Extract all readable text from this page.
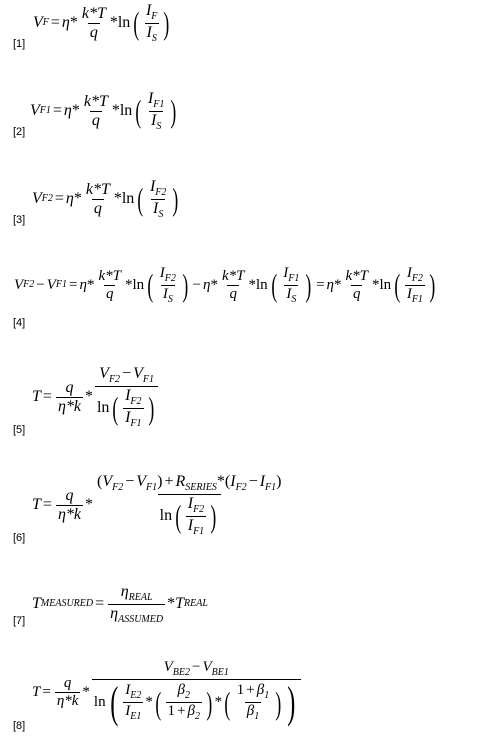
V $F = \eta * \frac{k*T}{q} * \ln$ ( $\frac{I_F}{I_S}$ )
[1]
V $F1 = \eta * \frac{k*T}{q} * \ln$ ( $\frac{I_{F1}}{I_S}$ )
[2]
V $F2 = \eta * \frac{k*T}{q} * \ln$ ( $\frac{I_{F2}}{I_S}$ )
[3]
V F2 − V $F1 = \eta * \frac{k*T}{q} * \ln$ ( $\frac{I_{F2}}{I_S}$ ) − η * $\frac{k*T}{q}$ * ln ( $\frac{I_{F1}}{I_S}$ ) = η * $\frac{k*T}{q}$ * ln ( $\frac{I_{F2}}{I_{F1}}$ )
[4]
$T = \frac{q}{\eta*k} * \frac{V_{F2} - V_{F1}}{\ln ( \frac{I_{F2}}{I_{F1}} )}$
[5]
$T = \frac{q}{\eta*k} * \frac{(V_{F2} - V_{F1}) + R_{SERIES}*(I_{F2} - I_{F1})}{\ln ( \frac{I_{F2}}{I_{F1}} )}$
[6]
T MEASURED = $\frac{\eta_{REAL}}{\eta_{ASSUMED}}$ * T REAL
[7]
$T = \frac{q}{\eta*k}$ *
$V_{BE2} - V_{BE1}$
ln ( $\frac{I_{E2}}{I_{E1}}$ * ( $\frac{\beta_2}{1 + \beta_2}$ ) * ( $\frac{1 + \beta_1}{\beta_1}$ ) )
[8]
